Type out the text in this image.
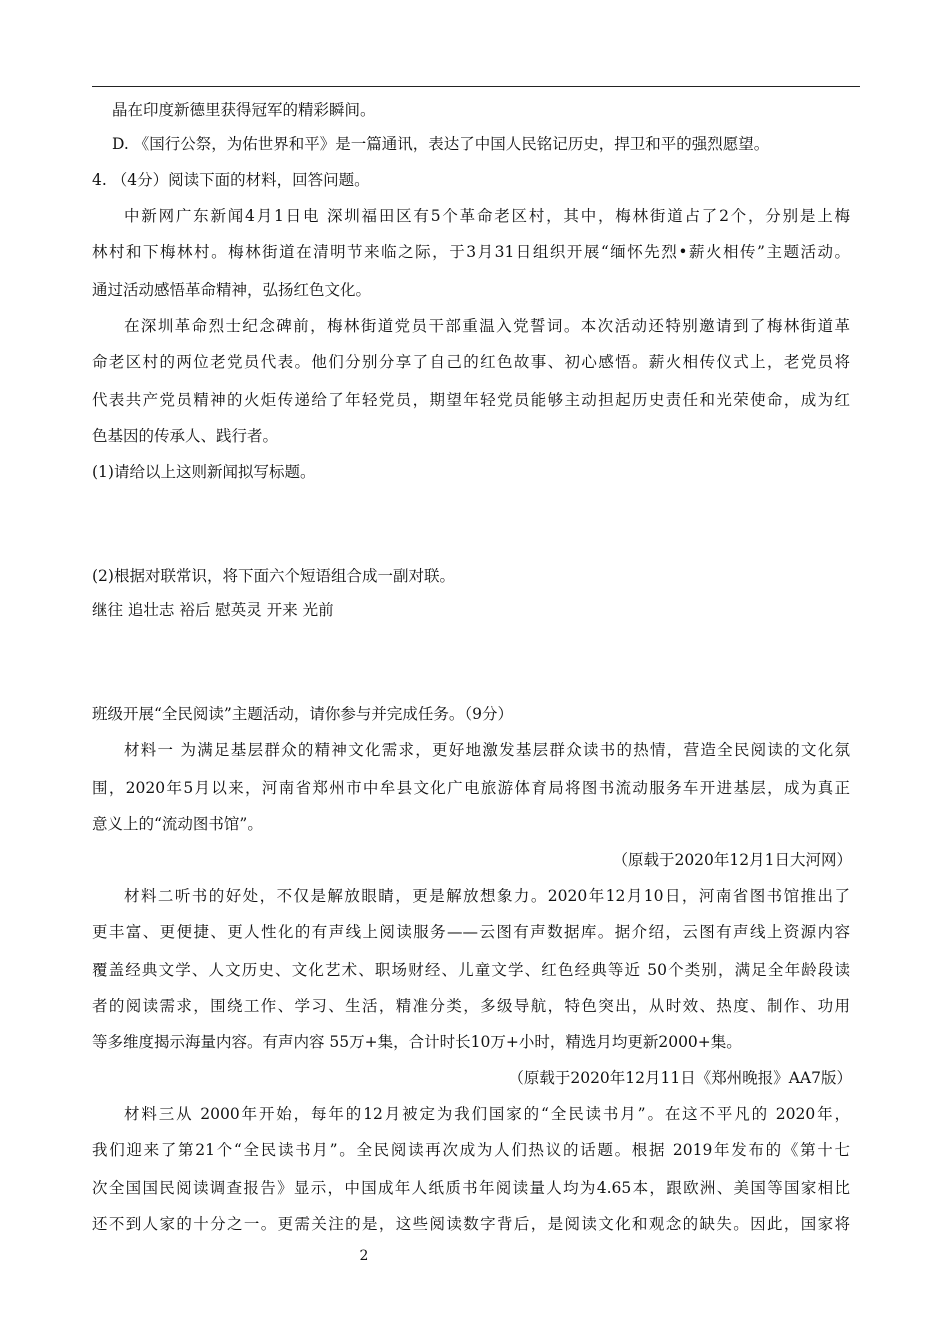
晶在印度新德里获得冠军的精彩瞬间。
D. 《国行公祭，为佑世界和平》是一篇通讯，表达了中国人民铭记历史，捍卫和平的强烈愿望。
4. （4分）阅读下面的材料，回答问题。
中新网广东新闻4月1日电 深圳福田区有5个革命老区村，其中，梅林街道占了2个，分别是上梅
林村和下梅林村。梅林街道在清明节来临之际，于3月31日组织开展“缅怀先烈•薪火相传”主题活动。
通过活动感悟革命精神，弘扬红色文化。
在深圳革命烈士纪念碑前，梅林街道党员干部重温入党誓词。本次活动还特别邀请到了梅林街道革
命老区村的两位老党员代表。他们分别分享了自己的红色故事、初心感悟。薪火相传仪式上，老党员将
代表共产党员精神的火炬传递给了年轻党员，期望年轻党员能够主动担起历史责任和光荣使命，成为红
色基因的传承人、践行者。
(1)请给以上这则新闻拟写标题。
(2)根据对联常识，将下面六个短语组合成一副对联。
继往 追壮志 裕后 慰英灵 开来 光前
班级开展“全民阅读”主题活动，请你参与并完成任务。（9分）
材料一 为满足基层群众的精神文化需求，更好地激发基层群众读书的热情，营造全民阅读的文化氛
围，2020年5月以来，河南省郑州市中牟县文化广电旅游体育局将图书流动服务车开进基层，成为真正
意义上的“流动图书馆”。
（原载于2020年12月1日大河网）
材料二听书的好处，不仅是解放眼睛，更是解放想象力。2020年12月10日，河南省图书馆推出了
更丰富、更便捷、更人性化的有声线上阅读服务——云图有声数据库。据介绍，云图有声线上资源内容
覆盖经典文学、人文历史、文化艺术、职场财经、儿童文学、红色经典等近 50个类别，满足全年龄段读
者的阅读需求，围绕工作、学习、生活，精准分类，多级导航，特色突出，从时效、热度、制作、功用
等多维度揭示海量内容。有声内容 55万+集，合计时长10万+小时，精选月均更新2000+集。
（原载于2020年12月11日《郑州晚报》AA7版）
材料三从 2000年开始，每年的12月被定为我们国家的“全民读书月”。在这不平凡的 2020年，
我们迎来了第21个“全民读书月”。全民阅读再次成为人们热议的话题。根据 2019年发布的《第十七
次全国国民阅读调查报告》显示，中国成年人纸质书年阅读量人均为4.65本，跟欧洲、美国等国家相比
还不到人家的十分之一。更需关注的是，这些阅读数字背后，是阅读文化和观念的缺失。因此，国家将
2
